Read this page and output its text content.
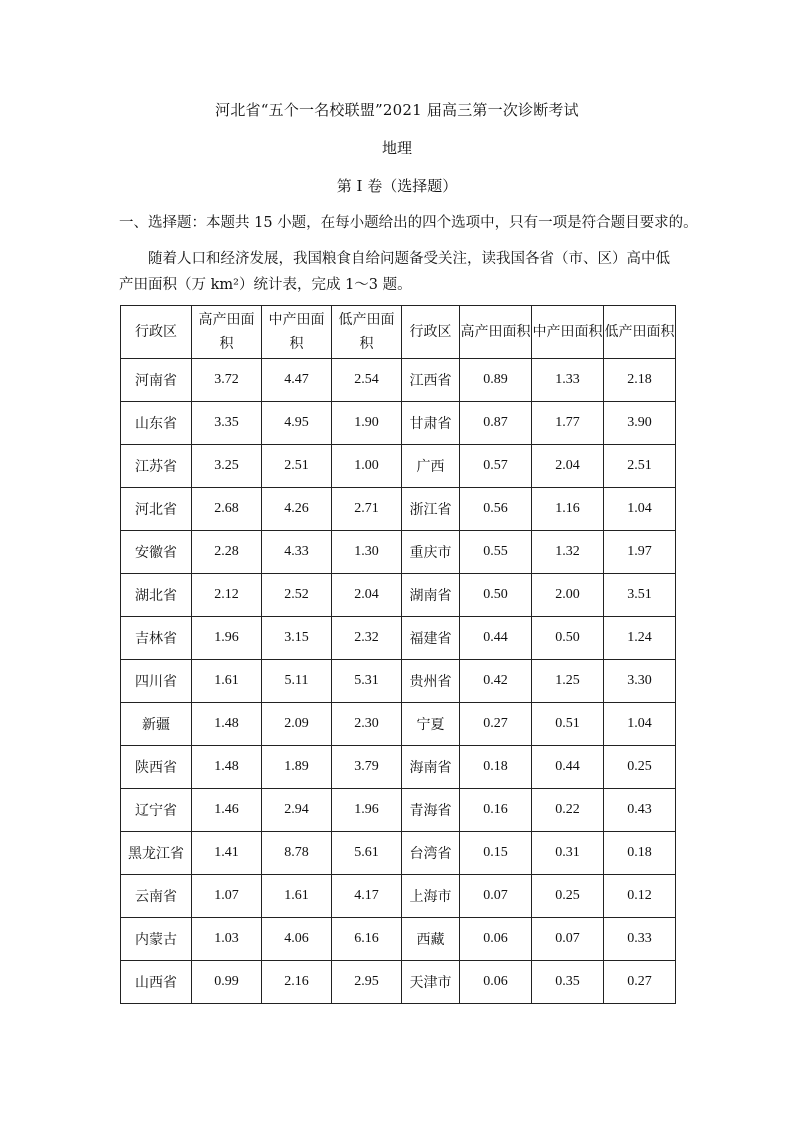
河北省“五个一名校联盟”2021 届高三第一次诊断考试
地理
第 I 卷（选择题）
一、选择题：本题共 15 小题，在每小题给出的四个选项中，只有一项是符合题目要求的。
随着人口和经济发展，我国粮食自给问题备受关注，读我国各省（市、区）高中低产田面积（万 km²）统计表，完成 1～3 题。
行政区	高产田面积	中产田面积	低产田面积	行政区	高产田面积	中产田面积	低产田面积
河南省	3.72	4.47	2.54	江西省	0.89	1.33	2.18
山东省	3.35	4.95	1.90	甘肃省	0.87	1.77	3.90
江苏省	3.25	2.51	1.00	广西	0.57	2.04	2.51
河北省	2.68	4.26	2.71	浙江省	0.56	1.16	1.04
安徽省	2.28	4.33	1.30	重庆市	0.55	1.32	1.97
湖北省	2.12	2.52	2.04	湖南省	0.50	2.00	3.51
吉林省	1.96	3.15	2.32	福建省	0.44	0.50	1.24
四川省	1.61	5.11	5.31	贵州省	0.42	1.25	3.30
新疆	1.48	2.09	2.30	宁夏	0.27	0.51	1.04
陕西省	1.48	1.89	3.79	海南省	0.18	0.44	0.25
辽宁省	1.46	2.94	1.96	青海省	0.16	0.22	0.43
黑龙江省	1.41	8.78	5.61	台湾省	0.15	0.31	0.18
云南省	1.07	1.61	4.17	上海市	0.07	0.25	0.12
内蒙古	1.03	4.06	6.16	西藏	0.06	0.07	0.33
山西省	0.99	2.16	2.95	天津市	0.06	0.35	0.27
